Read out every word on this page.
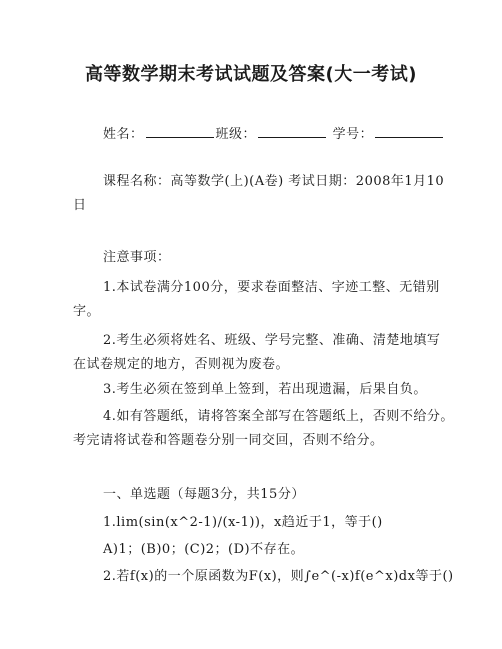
高等数学期末考试试题及答案(大一考试)
姓名：	班级：	学号：
课程名称：高等数学(上)(A卷) 考试日期：2008年1月10
日
注意事项：
1.本试卷满分100分，要求卷面整洁、字迹工整、无错别
字。
2.考生必须将姓名、班级、学号完整、准确、清楚地填写
在试卷规定的地方，否则视为废卷。
3.考生必须在签到单上签到，若出现遗漏，后果自负。
4.如有答题纸，请将答案全部写在答题纸上，否则不给分。
考完请将试卷和答题卷分别一同交回，否则不给分。
一、单选题（每题3分，共15分）
1.lim(sin(x^2-1)/(x-1))，x趋近于1，等于()
A)1；(B)0；(C)2；(D)不存在。
2.若f(x)的一个原函数为F(x)，则∫e^(-x)f(e^x)dx等于()
